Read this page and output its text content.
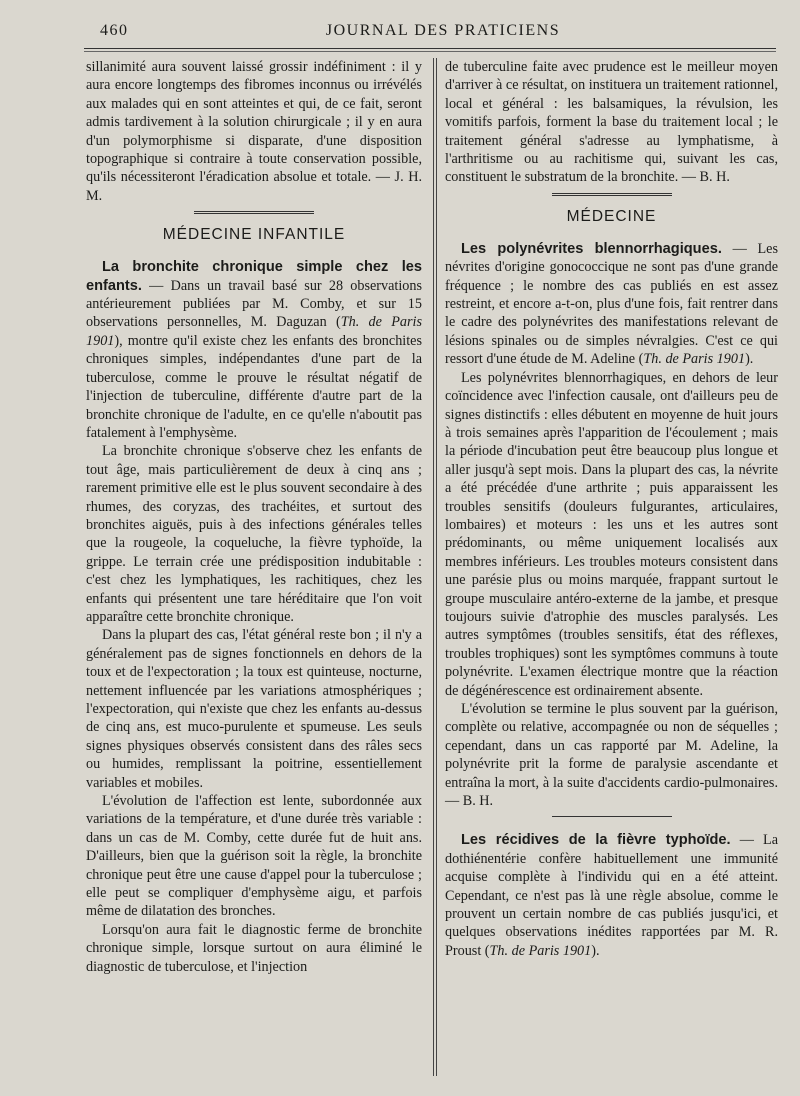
460	JOURNAL DES PRATICIENS

sillanimité aura souvent laissé grossir indéfiniment : il y aura encore longtemps des fibromes inconnus ou irrévélés aux malades qui en sont atteintes et qui, de ce fait, seront admis tardivement à la solution chirurgicale ; il y en aura d'un polymorphisme si disparate, d'une disposition topographique si contraire à toute conservation possible, qu'ils nécessiteront l'éradication absolue et totale. — J. H. M.

MÉDECINE INFANTILE

La bronchite chronique simple chez les enfants. — Dans un travail basé sur 28 observations antérieurement publiées par M. Comby, et sur 15 observations personnelles, M. Daguzan (Th. de Paris 1901), montre qu'il existe chez les enfants des bronchites chroniques simples, indépendantes d'une part de la tuberculose, comme le prouve le résultat négatif de l'injection de tuberculine, différente d'autre part de la bronchite chronique de l'adulte, en ce qu'elle n'aboutit pas fatalement à l'emphysème.

La bronchite chronique s'observe chez les enfants de tout âge, mais particulièrement de deux à cinq ans ; rarement primitive elle est le plus souvent secondaire à des rhumes, des coryzas, des trachéites, et surtout des bronchites aiguës, puis à des infections générales telles que la rougeole, la coqueluche, la fièvre typhoïde, la grippe. Le terrain crée une prédisposition indubitable : c'est chez les lymphatiques, les rachitiques, chez les enfants qui présentent une tare héréditaire que l'on voit apparaître cette bronchite chronique.

Dans la plupart des cas, l'état général reste bon ; il n'y a généralement pas de signes fonctionnels en dehors de la toux et de l'expectoration ; la toux est quinteuse, nocturne, nettement influencée par les variations atmosphériques ; l'expectoration, qui n'existe que chez les enfants au-dessus de cinq ans, est muco-purulente et spumeuse. Les seuls signes physiques observés consistent dans des râles secs ou humides, remplissant la poitrine, essentiellement variables et mobiles.

L'évolution de l'affection est lente, subordonnée aux variations de la température, et d'une durée très variable : dans un cas de M. Comby, cette durée fut de huit ans. D'ailleurs, bien que la guérison soit la règle, la bronchite chronique peut être une cause d'appel pour la tuberculose ; elle peut se compliquer d'emphysème aigu, et parfois même de dilatation des bronches.

Lorsqu'on aura fait le diagnostic ferme de bronchite chronique simple, lorsque surtout on aura éliminé le diagnostic de tuberculose, et l'injection

de tuberculine faite avec prudence est le meilleur moyen d'arriver à ce résultat, on instituera un traitement rationnel, local et général : les balsamiques, la révulsion, les vomitifs parfois, forment la base du traitement local ; le traitement général s'adresse au lymphatisme, à l'arthritisme ou au rachitisme qui, suivant les cas, constituent le substratum de la bronchite. — B. H.

MÉDECINE

Les polynévrites blennorrhagiques. — Les névrites d'origine gonococcique ne sont pas d'une grande fréquence ; le nombre des cas publiés en est assez restreint, et encore a-t-on, plus d'une fois, fait rentrer dans le cadre des polynévrites des manifestations relevant de lésions spinales ou de simples névralgies. C'est ce qui ressort d'une étude de M. Adeline (Th. de Paris 1901).

Les polynévrites blennorrhagiques, en dehors de leur coïncidence avec l'infection causale, ont d'ailleurs peu de signes distinctifs : elles débutent en moyenne de huit jours à trois semaines après l'apparition de l'écoulement ; mais la période d'incubation peut être beaucoup plus longue et aller jusqu'à sept mois. Dans la plupart des cas, la névrite a été précédée d'une arthrite ; puis apparaissent les troubles sensitifs (douleurs fulgurantes, articulaires, lombaires) et moteurs : les uns et les autres sont prédominants, ou même uniquement localisés aux membres inférieurs. Les troubles moteurs consistent dans une parésie plus ou moins marquée, frappant surtout le groupe musculaire antéro-externe de la jambe, et presque toujours suivie d'atrophie des muscles paralysés. Les autres symptômes (troubles sensitifs, état des réflexes, troubles trophiques) sont les symptômes communs à toute polynévrite. L'examen électrique montre que la réaction de dégénérescence est ordinairement absente.

L'évolution se termine le plus souvent par la guérison, complète ou relative, accompagnée ou non de séquelles ; cependant, dans un cas rapporté par M. Adeline, la polynévrite prit la forme de paralysie ascendante et entraîna la mort, à la suite d'accidents cardio-pulmonaires. — B. H.

Les récidives de la fièvre typhoïde. — La dothiénentérie confère habituellement une immunité acquise complète à l'individu qui en a été atteint. Cependant, ce n'est pas là une règle absolue, comme le prouvent un certain nombre de cas publiés jusqu'ici, et quelques observations inédites rapportées par M. R. Proust (Th. de Paris 1901).
